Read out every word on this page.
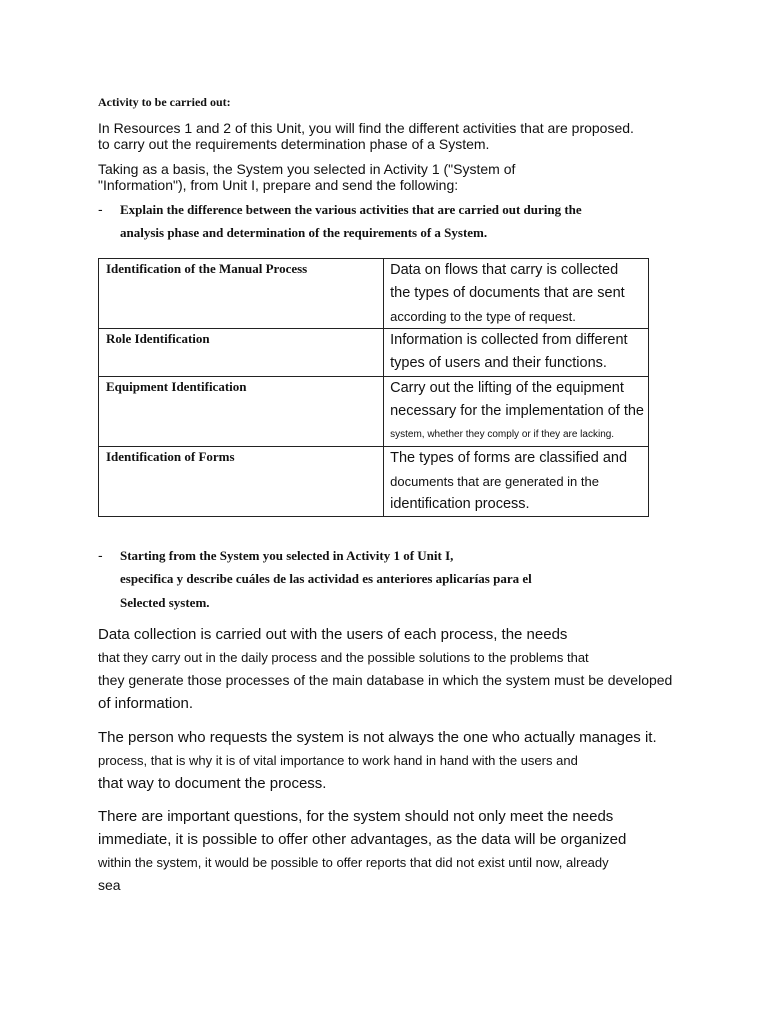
Activity to be carried out:

In Resources 1 and 2 of this Unit, you will find the different activities that are proposed.

to carry out the requirements determination phase of a System.

Taking as a basis, the System you selected in Activity 1 ("System of

"Information"), from Unit I, prepare and send the following:

- Explain the difference between the various activities that are carried out during the

analysis phase and determination of the requirements of a System.

Identification of the Manual Process	Data on flows that carry is collected
the types of documents that are sent
according to the type of request.

Role Identification	Information is collected from different
types of users and their functions.

Equipment Identification	Carry out the lifting of the equipment
necessary for the implementation of the
system, whether they comply or if they are lacking.

Identification of Forms	The types of forms are classified and
documents that are generated in the
identification process.
- Starting from the System you selected in Activity 1 of Unit I,

especifica y describe cuáles de las actividad es anteriores aplicarías para el

Selected system.

Data collection is carried out with the users of each process, the needs

that they carry out in the daily process and the possible solutions to the problems that

they generate those processes of the main database in which the system must be developed

of information.

The person who requests the system is not always the one who actually manages it.

process, that is why it is of vital importance to work hand in hand with the users and

that way to document the process.

There are important questions, for the system should not only meet the needs

immediate, it is possible to offer other advantages, as the data will be organized

within the system, it would be possible to offer reports that did not exist until now, already

sea
